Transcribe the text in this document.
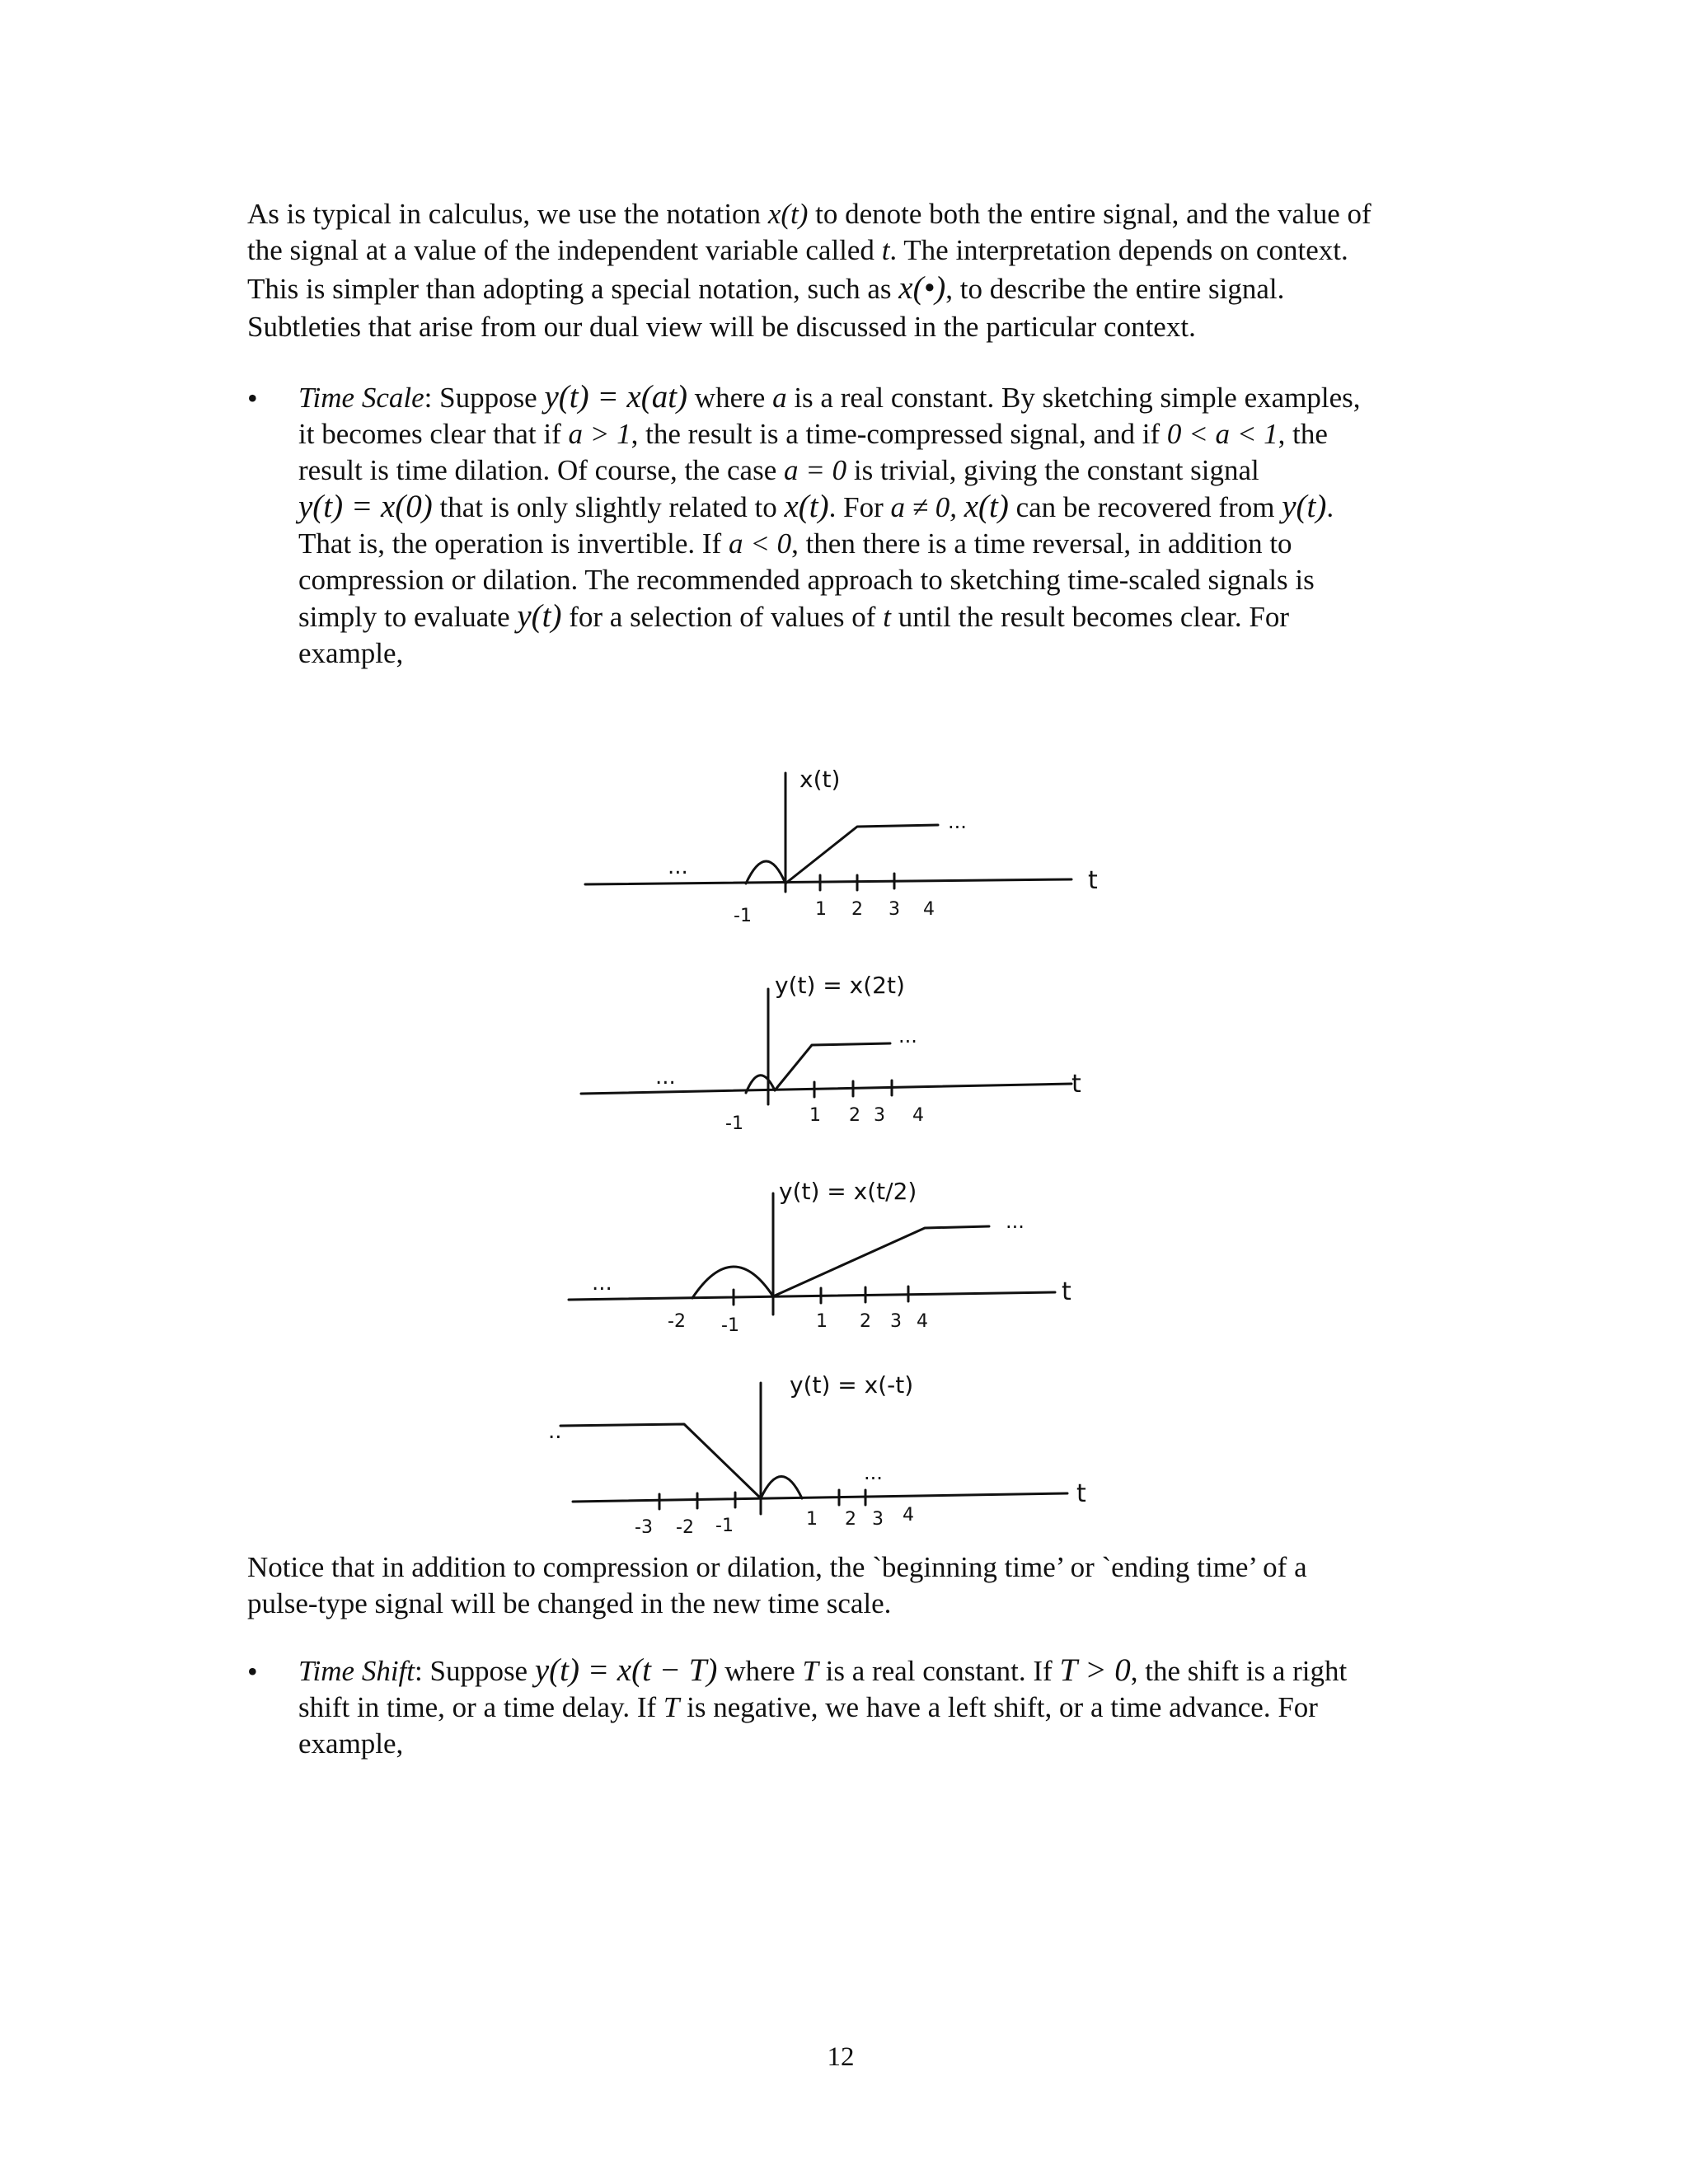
As is typical in calculus, we use the notation x(t) to denote both the entire signal, and the value of
the signal at a value of the independent variable called t. The interpretation depends on context.
This is simpler than adopting a special notation, such as x(•), to describe the entire signal.
Subtleties that arise from our dual view will be discussed in the particular context.
• Time Scale: Suppose y(t) = x(at) where a is a real constant. By sketching simple examples,
it becomes clear that if a > 1, the result is a time-compressed signal, and if 0 < a < 1, the
result is time dilation. Of course, the case a = 0 is trivial, giving the constant signal
y(t) = x(0) that is only slightly related to x(t). For a ≠ 0, x(t) can be recovered from y(t).
That is, the operation is invertible. If a < 0, then there is a time reversal, in addition to
compression or dilation. The recommended approach to sketching time-scaled signals is
simply to evaluate y(t) for a selection of values of t until the result becomes clear. For
example,
x(t)
t
...
...
-1	1 2 3 4
y(t) = x(2t)
t
...
...
-1	1 2 3 4
y(t) = x(t/2)
t
...
...
-2 -1	1 2 3 4
y(t) = x(-t)
t
..
...
-3 -2 -1	1 2 3 4
Notice that in addition to compression or dilation, the `beginning time’ or `ending time’ of a
pulse-type signal will be changed in the new time scale.
• Time Shift: Suppose y(t) = x(t − T) where T is a real constant. If T > 0, the shift is a right
shift in time, or a time delay. If T is negative, we have a left shift, or a time advance. For
example,
12
